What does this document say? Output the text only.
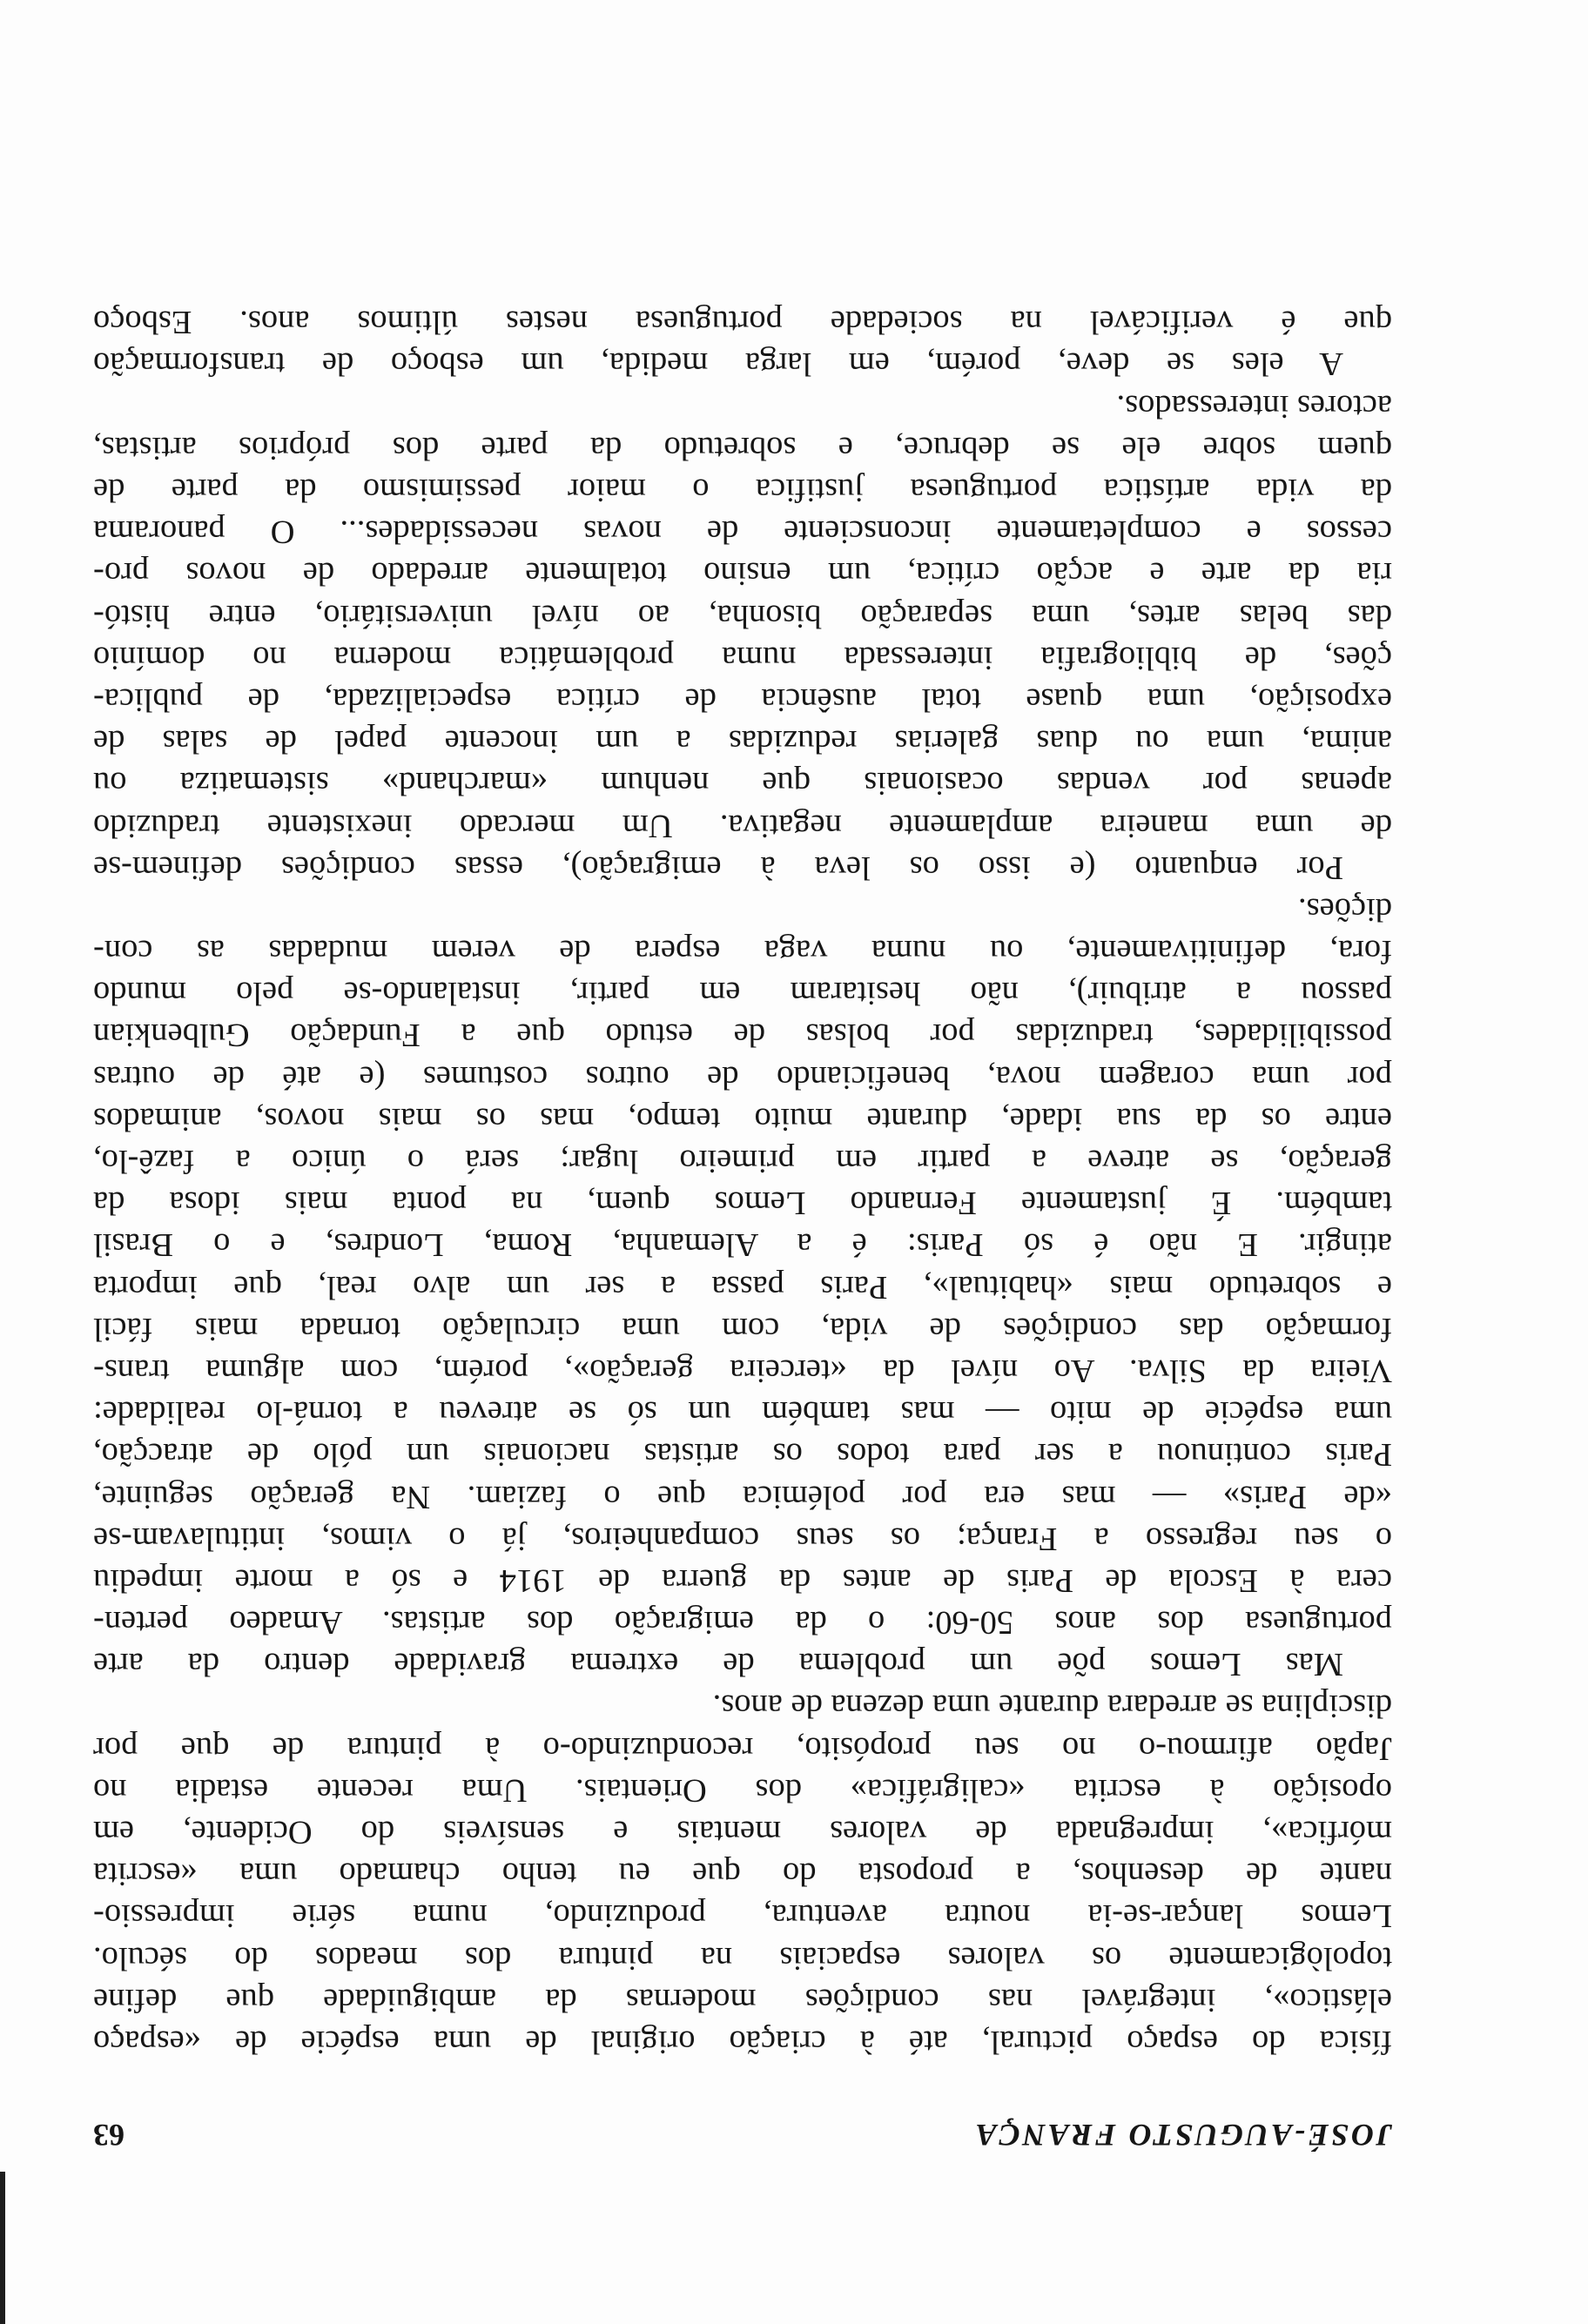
JOSÉ-AUGUSTO FRANÇA
63
física do espaço pictural, até à criação original de uma espécie de «espaço
elástico», integrável nas condições modernas da ambiguidade que define
topològicamente os valores espaciais na pintura dos meados do século.
Lemos lançar-se-ia noutra aventura, produzindo, numa série impressio-
nante de desenhos, a proposta do que eu tenho chamado uma «escrita
mórfica», impregnada de valores mentais e sensíveis do Ocidente, em
oposição à escrita «caligráfica» dos Orientais. Uma recente estadia no
Japão afirmou-o no seu propósito, reconduzindo-o à pintura de que por
disciplina se arredara durante uma dezena de anos.
Mas Lemos põe um problema de extrema gravidade dentro da arte
portuguesa dos anos 50-60: o da emigração dos artistas. Amadeo perten-
cera à Escola de Paris de antes da guerra de 1914 e só a morte impediu
o seu regresso a França; os seus companheiros, já o vimos, intitulavam-se
«de Paris» — mas era por polémica que o faziam. Na geração seguinte,
Paris continuou a ser para todos os artistas nacionais um pólo de atracção,
uma espécie de mito — mas também um só se atreveu a torná-lo realidade:
Vieira da Silva. Ao nível da «terceira geração», porém, com alguma trans-
formação das condições de vida, com uma circulação tornada mais fácil
e sobretudo mais «habitual», Paris passa a ser um alvo real, que importa
atingir. E não é só Paris: é a Alemanha, Roma, Londres, e o Brasil
também. É justamente Fernando Lemos quem, na ponta mais idosa da
geração, se atreve a partir em primeiro lugar; será o único a fazê-lo,
entre os da sua idade, durante muito tempo, mas os mais novos, animados
por uma coragem nova, beneficiando de outros costumes (e até de outras
possibilidades, traduzidas por bolsas de estudo que a Fundação Gulbenkian
passou a atribuir), não hesitaram em partir, instalando-se pelo mundo
fora, definitivamente, ou numa vaga espera de verem mudadas as con-
dições.
Por enquanto (e isso os leva à emigração), essas condições definem-se
de uma maneira amplamente negativa. Um mercado inexistente traduzido
apenas por vendas ocasionais que nenhum «marchand» sistematiza ou
anima, uma ou duas galerias reduzidas a um inocente papel de salas de
exposição, uma quase total ausência de crítica especializada, de publica-
ções, de bibliografia interessada numa problemática moderna no domínio
das belas artes, uma separação bisonha, ao nível universitário, entre histó-
ria da arte e acção crítica, um ensino totalmente arredado de novos pro-
cessos e completamente inconsciente de novas necessidades... O panorama
da vida artística portuguesa justifica o maior pessimismo da parte de
quem sobre ele se debruce, e sobretudo da parte dos próprios artistas,
actores interessados.
A eles se deve, porém, em larga medida, um esboço de transformação
que é verificável na sociedade portuguesa nestes últimos anos. Esboço
